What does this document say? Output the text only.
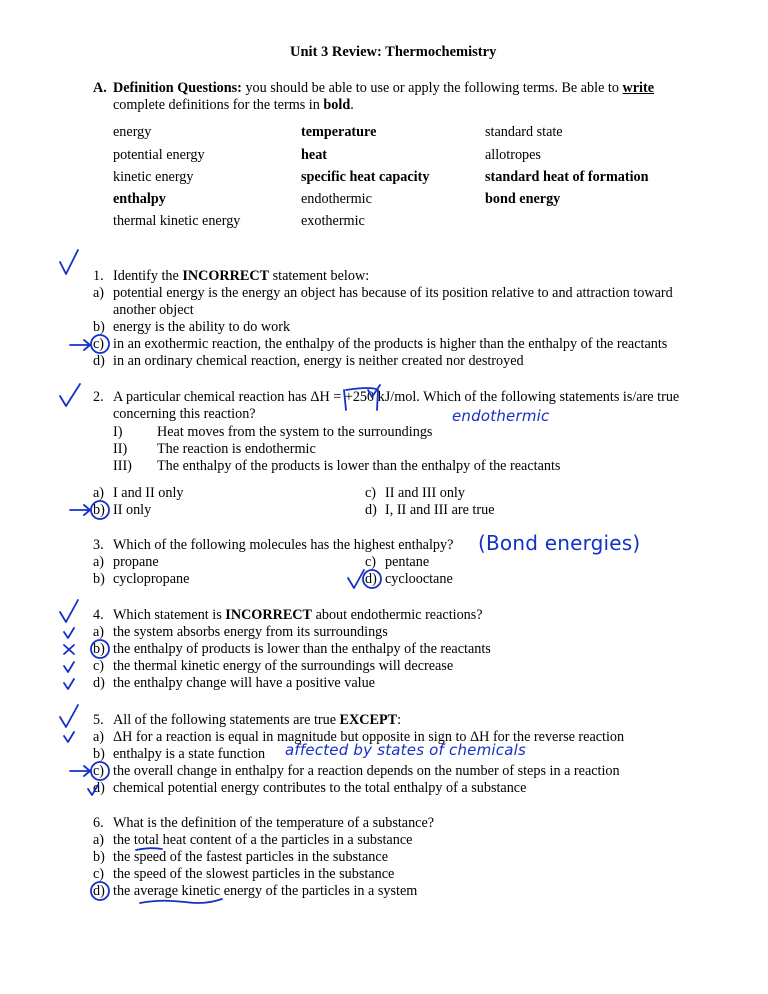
Unit 3 Review: Thermochemistry
A. Definition Questions: you should be able to use or apply the following terms. Be able to write
complete definitions for the terms in bold.
energy	temperature	standard state
potential energy	heat	allotropes
kinetic energy	specific heat capacity	standard heat of formation
enthalpy	endothermic	bond energy
thermal kinetic energy	exothermic
1. Identify the INCORRECT statement below:
a) potential energy is the energy an object has because of its position relative to and attraction toward
another object
b) energy is the ability to do work
c) in an exothermic reaction, the enthalpy of the products is higher than the enthalpy of the reactants
d) in an ordinary chemical reaction, energy is neither created nor destroyed
2. A particular chemical reaction has ΔH = +250 kJ/mol. Which of the following statements is/are true
concerning this reaction?
I) Heat moves from the system to the surroundings
II) The reaction is endothermic
III) The enthalpy of the products is lower than the enthalpy of the reactants
a) I and II only
b) II only
c) II and III only
d) I, II and III are true
3. Which of the following molecules has the highest enthalpy?
a) propane
b) cyclopropane
c) pentane
d) cyclooctane
4. Which statement is INCORRECT about endothermic reactions?
a) the system absorbs energy from its surroundings
b) the enthalpy of products is lower than the enthalpy of the reactants
c) the thermal kinetic energy of the surroundings will decrease
d) the enthalpy change will have a positive value
5. All of the following statements are true EXCEPT:
a) ΔH for a reaction is equal in magnitude but opposite in sign to ΔH for the reverse reaction
b) enthalpy is a state function
c) the overall change in enthalpy for a reaction depends on the number of steps in a reaction
d) chemical potential energy contributes to the total enthalpy of a substance
6. What is the definition of the temperature of a substance?
a) the total heat content of a the particles in a substance
b) the speed of the fastest particles in the substance
c) the speed of the slowest particles in the substance
d) the average kinetic energy of the particles in a system
endothermic
(Bond energies)
affected by states of chemicals
